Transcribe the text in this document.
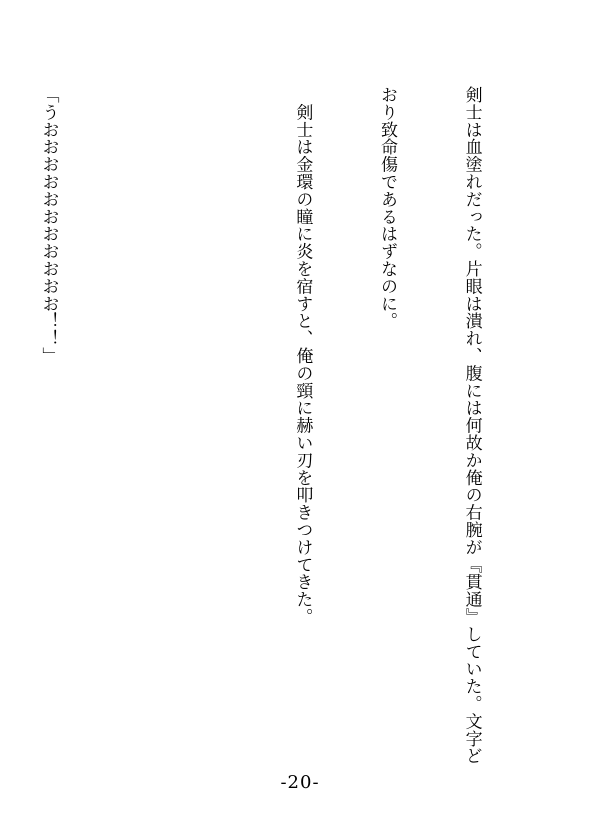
剣士は血塗れだった。片眼は潰れ、腹には何故か俺の右腕が『貫通』していた。文字ど

おり致命傷であるはずなのに。

　剣士は金環の瞳に炎を宿すと、俺の頸に赫い刃を叩きつけてきた。

「うおおおおおおおおおおお！！」

-20-
